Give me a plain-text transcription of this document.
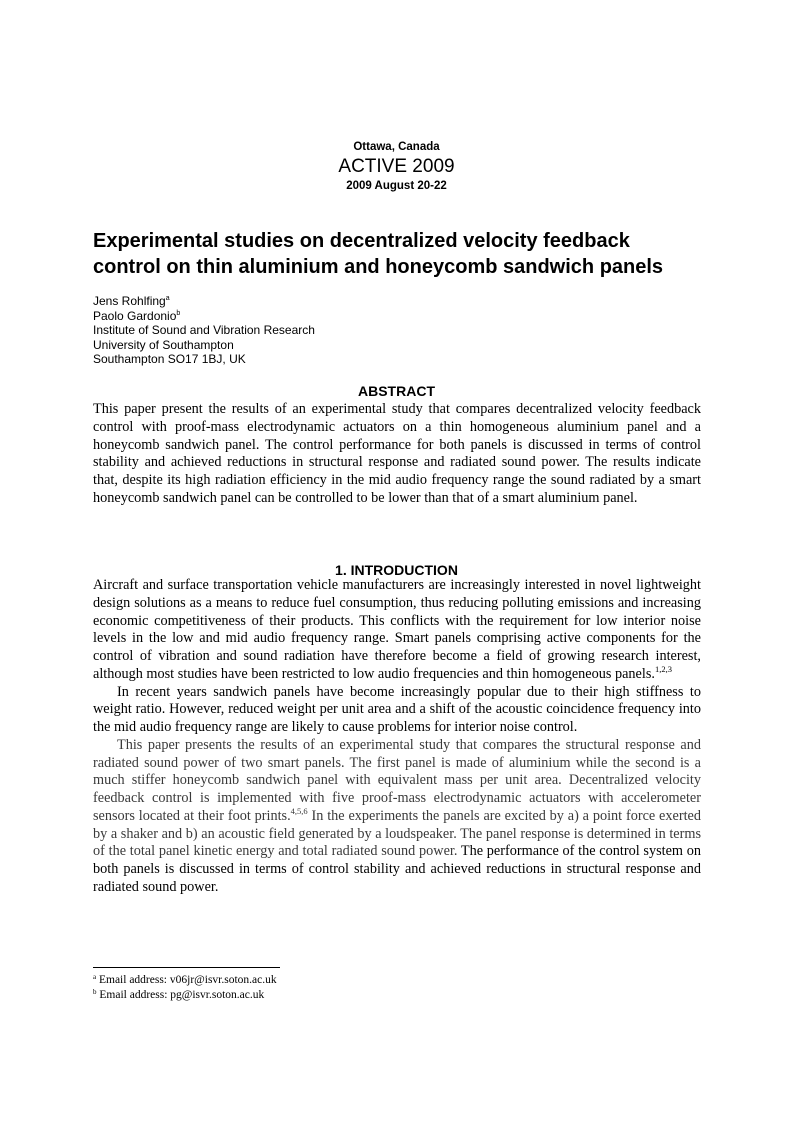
Ottawa, Canada
ACTIVE 2009
2009 August 20-22
Experimental studies on decentralized velocity feedback
control on thin aluminium and honeycomb sandwich panels
Jens Rohlfing$^a$
Paolo Gardonio$^b$
Institute of Sound and Vibration Research
University of Southampton
Southampton SO17 1BJ, UK
ABSTRACT

This paper present the results of an experimental study that compares decentralized velocity feedback control with proof-mass electrodynamic actuators on a thin homogeneous aluminium panel and a honeycomb sandwich panel. The control performance for both panels is discussed in terms of control stability and achieved reductions in structural response and radiated sound power. The results indicate that, despite its high radiation efficiency in the mid audio frequency range the sound radiated by a smart honeycomb sandwich panel can be controlled to be lower than that of a smart aluminium panel.

1. INTRODUCTION

Aircraft and surface transportation vehicle manufacturers are increasingly interested in novel lightweight design solutions as a means to reduce fuel consumption, thus reducing polluting emissions and increasing economic competitiveness of their products. This conflicts with the requirement for low interior noise levels in the low and mid audio frequency range. Smart panels comprising active components for the control of vibration and sound radiation have therefore become a field of growing research interest, although most studies have been restricted to low audio frequencies and thin homogeneous panels.$^{1,2,3}$

In recent years sandwich panels have become increasingly popular due to their high stiffness to weight ratio. However, reduced weight per unit area and a shift of the acoustic coincidence frequency into the mid audio frequency range are likely to cause problems for interior noise control.

This paper presents the results of an experimental study that compares the structural response and radiated sound power of two smart panels. The first panel is made of aluminium while the second is a much stiffer honeycomb sandwich panel with equivalent mass per unit area. Decentralized velocity feedback control is implemented with five proof-mass electrodynamic actuators with accelerometer sensors located at their foot prints.$^{4,5,6}$ In the experiments the panels are excited by a) a point force exerted by a shaker and b) an acoustic field generated by a loudspeaker. The panel response is determined in terms of the total panel kinetic energy and total radiated sound power. The performance of the control system on both panels is discussed in terms of control stability and achieved reductions in structural response and radiated sound power.

$^a$ Email address: v06jr@isvr.soton.ac.uk
$^b$ Email address: pg@isvr.soton.ac.uk
